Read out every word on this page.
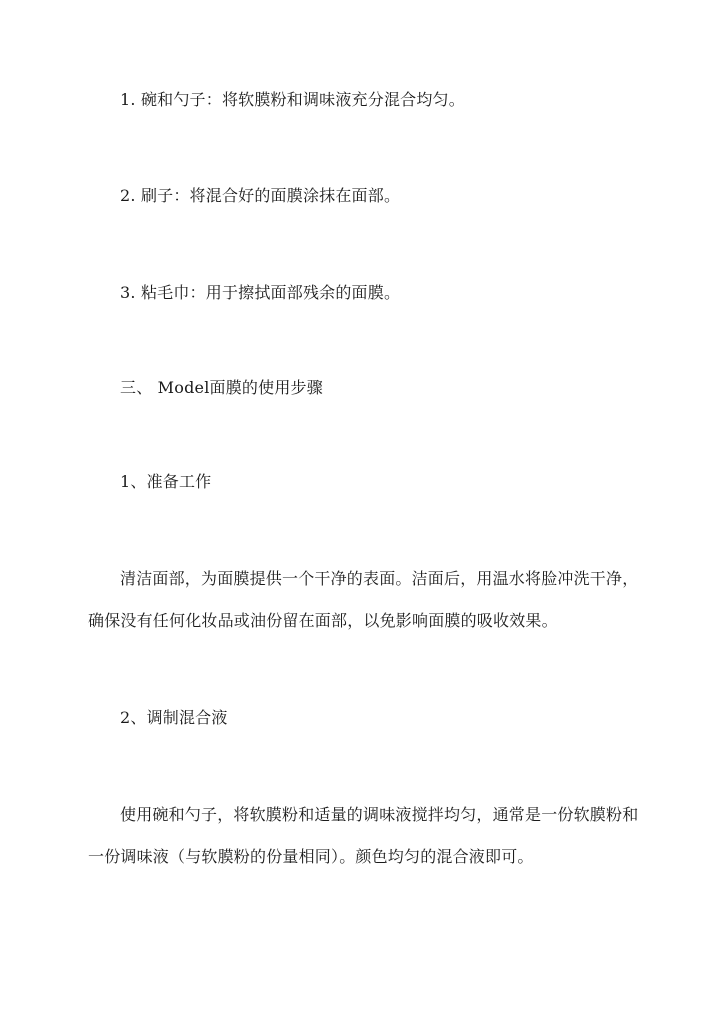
1. 碗和勺子：将软膜粉和调味液充分混合均匀。
2. 刷子：将混合好的面膜涂抹在面部。
3. 粘毛巾：用于擦拭面部残余的面膜。
三、 Model面膜的使用步骤
1、准备工作
清洁面部，为面膜提供一个干净的表面。洁面后，用温水将脸冲洗干净，确保没有任何化妆品或油份留在面部，以免影响面膜的吸收效果。
2、调制混合液
使用碗和勺子，将软膜粉和适量的调味液搅拌均匀，通常是一份软膜粉和一份调味液（与软膜粉的份量相同）。颜色均匀的混合液即可。
